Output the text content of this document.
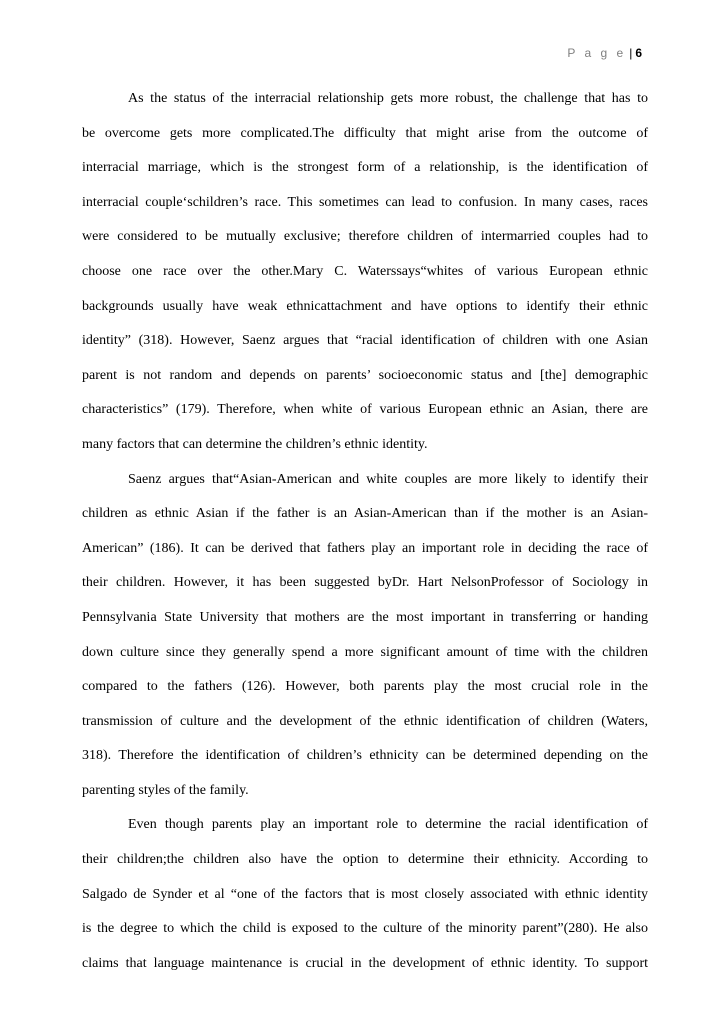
P a g e | 6
As the status of the interracial relationship gets more robust, the challenge that has to
be overcome gets more complicated.The difficulty that might arise from the outcome of
interracial marriage, which is the strongest form of a relationship, is the identification of
interracial couple‘schildren’s race. This sometimes can lead to confusion. In many cases, races
were considered to be mutually exclusive; therefore children of intermarried couples had to
choose one race over the other.Mary C. Waterssays“whites of various European ethnic
backgrounds usually have weak ethnicattachment and have options to identify their ethnic
identity” (318). However, Saenz argues that “racial identification of children with one Asian
parent is not random and depends on parents’ socioeconomic status and [the] demographic
characteristics” (179). Therefore, when white of various European ethnic an Asian, there are
many factors that can determine the children’s ethnic identity.
Saenz argues that“Asian-American and white couples are more likely to identify their
children as ethnic Asian if the father is an Asian-American than if the mother is an Asian-
American” (186). It can be derived that fathers play an important role in deciding the race of
their children. However, it has been suggested byDr. Hart NelsonProfessor of Sociology in
Pennsylvania State University that mothers are the most important in transferring or handing
down culture since they generally spend a more significant amount of time with the children
compared to the fathers (126). However, both parents play the most crucial role in the
transmission of culture and the development of the ethnic identification of children (Waters,
318). Therefore the identification of children’s ethnicity can be determined depending on the
parenting styles of the family.
Even though parents play an important role to determine the racial identification of
their children;the children also have the option to determine their ethnicity. According to
Salgado de Synder et al “one of the factors that is most closely associated with ethnic identity
is the degree to which the child is exposed to the culture of the minority parent”(280). He also
claims that language maintenance is crucial in the development of ethnic identity. To support
